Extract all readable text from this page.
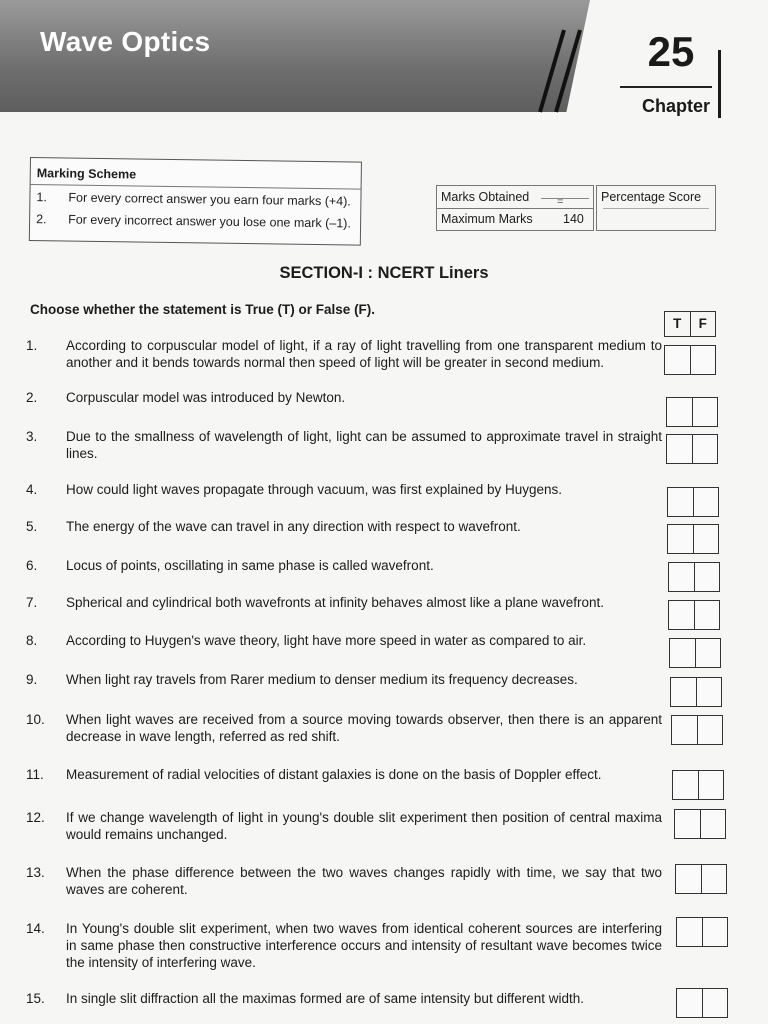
Wave Optics	25
Chapter
Marking Scheme
1. For every correct answer you earn four marks (+4).
2. For every incorrect answer you lose one mark (–1).
Marks Obtained	=
Maximum Marks 140
Percentage Score
SECTION-I : NCERT Liners

Choose whether the statement is True (T) or False (F).

T	F
1.	According to corpuscular model of light, if a ray of light travelling from one transparent medium to another and it bends towards normal then speed of light will be greater in second medium.
2.	Corpuscular model was introduced by Newton.
3.	Due to the smallness of wavelength of light, light can be assumed to approximate travel in straight lines.
4.	How could light waves propagate through vacuum, was first explained by Huygens.
5.	The energy of the wave can travel in any direction with respect to wavefront.
6.	Locus of points, oscillating in same phase is called wavefront.
7.	Spherical and cylindrical both wavefronts at infinity behaves almost like a plane wavefront.
8.	According to Huygen's wave theory, light have more speed in water as compared to air.
9.	When light ray travels from Rarer medium to denser medium its frequency decreases.
10.	When light waves are received from a source moving towards observer, then there is an apparent decrease in wave length, referred as red shift.
11.	Measurement of radial velocities of distant galaxies is done on the basis of Doppler effect.
12.	If we change wavelength of light in young's double slit experiment then position of central maxima would remains unchanged.
13.	When the phase difference between the two waves changes rapidly with time, we say that two waves are coherent.
14.	In Young's double slit experiment, when two waves from identical coherent sources are interfering in same phase then constructive interference occurs and intensity of resultant wave becomes twice the intensity of interfering wave.
15.	In single slit diffraction all the maximas formed are of same intensity but different width.
